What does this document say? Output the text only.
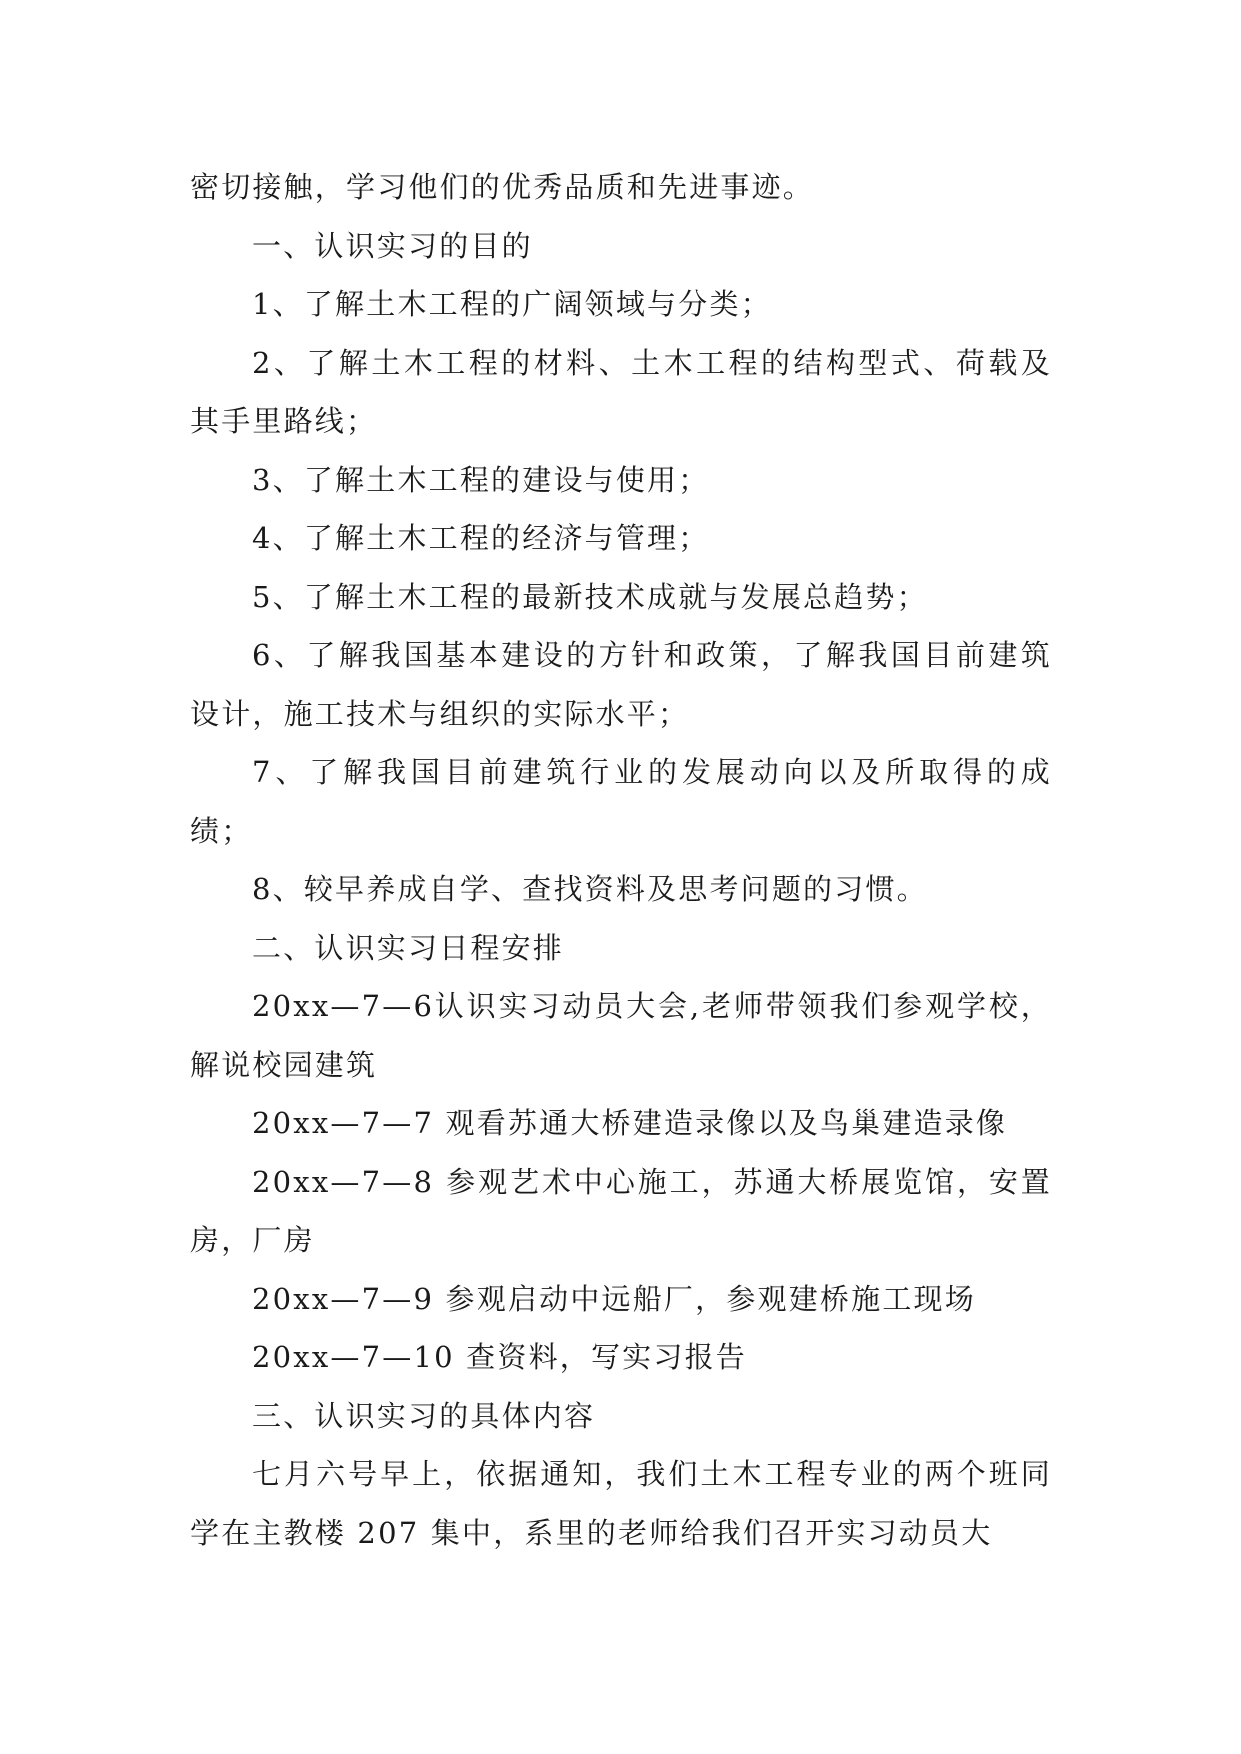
密切接触，学习他们的优秀品质和先进事迹。

一、认识实习的目的

1、了解土木工程的广阔领域与分类；

2、了解土木工程的材料、土木工程的结构型式、荷载及其手里路线；

3、了解土木工程的建设与使用；

4、了解土木工程的经济与管理；

5、了解土木工程的最新技术成就与发展总趋势；

6、了解我国基本建设的方针和政策，了解我国目前建筑设计，施工技术与组织的实际水平；

7、了解我国目前建筑行业的发展动向以及所取得的成绩；

8、较早养成自学、查找资料及思考问题的习惯。

二、认识实习日程安排

20xx—7—6认识实习动员大会,老师带领我们参观学校，解说校园建筑

20xx—7—7 观看苏通大桥建造录像以及鸟巢建造录像

20xx—7—8 参观艺术中心施工，苏通大桥展览馆，安置房，厂房

20xx—7—9 参观启动中远船厂，参观建桥施工现场

20xx—7—10 查资料，写实习报告

三、认识实习的具体内容

七月六号早上，依据通知，我们土木工程专业的两个班同学在主教楼 207 集中，系里的老师给我们召开实习动员大
